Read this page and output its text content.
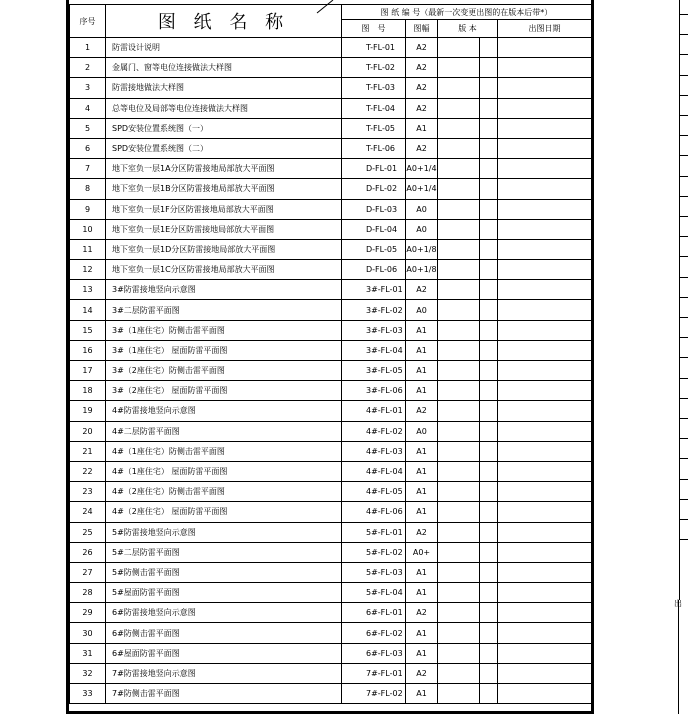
序号	图 纸 名 称	图 纸 编 号（最新一次变更出图的在版本后带*）				
		图　号	图幅	版 本		出图日期
1	防雷设计说明	T-FL-01	A2			
2	金属门、窗等电位连接做法大样图	T-FL-02	A2			
3	防雷接地做法大样图	T-FL-03	A2			
4	总等电位及局部等电位连接做法大样图	T-FL-04	A2			
5	SPD安装位置系统图（一）	T-FL-05	A1			
6	SPD安装位置系统图（二）	T-FL-06	A2			
7	地下室负一层1A分区防雷接地局部放大平面图	D-FL-01	A0+1/4			
8	地下室负一层1B分区防雷接地局部放大平面图	D-FL-02	A0+1/4			
9	地下室负一层1F分区防雷接地局部放大平面图	D-FL-03	A0			
10	地下室负一层1E分区防雷接地局部放大平面图	D-FL-04	A0			
11	地下室负一层1D分区防雷接地局部放大平面图	D-FL-05	A0+1/8			
12	地下室负一层1C分区防雷接地局部放大平面图	D-FL-06	A0+1/8			
13	3#防雷接地竖向示意图	3#-FL-01	A2			
14	3#二层防雷平面图	3#-FL-02	A0			
15	3#（1座住宅）防侧击雷平面图	3#-FL-03	A1			
16	3#（1座住宅） 屋面防雷平面图	3#-FL-04	A1			
17	3#（2座住宅）防侧击雷平面图	3#-FL-05	A1			
18	3#（2座住宅） 屋面防雷平面图	3#-FL-06	A1			
19	4#防雷接地竖向示意图	4#-FL-01	A2			
20	4#二层防雷平面图	4#-FL-02	A0			
21	4#（1座住宅）防侧击雷平面图	4#-FL-03	A1			
22	4#（1座住宅） 屋面防雷平面图	4#-FL-04	A1			
23	4#（2座住宅）防侧击雷平面图	4#-FL-05	A1			
24	4#（2座住宅） 屋面防雷平面图	4#-FL-06	A1			
25	5#防雷接地竖向示意图	5#-FL-01	A2			
26	5#二层防雷平面图	5#-FL-02	A0+			
27	5#防侧击雷平面图	5#-FL-03	A1			
28	5#屋面防雷平面图	5#-FL-04	A1			
29	6#防雷接地竖向示意图	6#-FL-01	A2			
30	6#防侧击雷平面图	6#-FL-02	A1			
31	6#屋面防雷平面图	6#-FL-03	A1			
32	7#防雷接地竖向示意图	7#-FL-01	A2			
33	7#防侧击雷平面图	7#-FL-02	A1			
出
